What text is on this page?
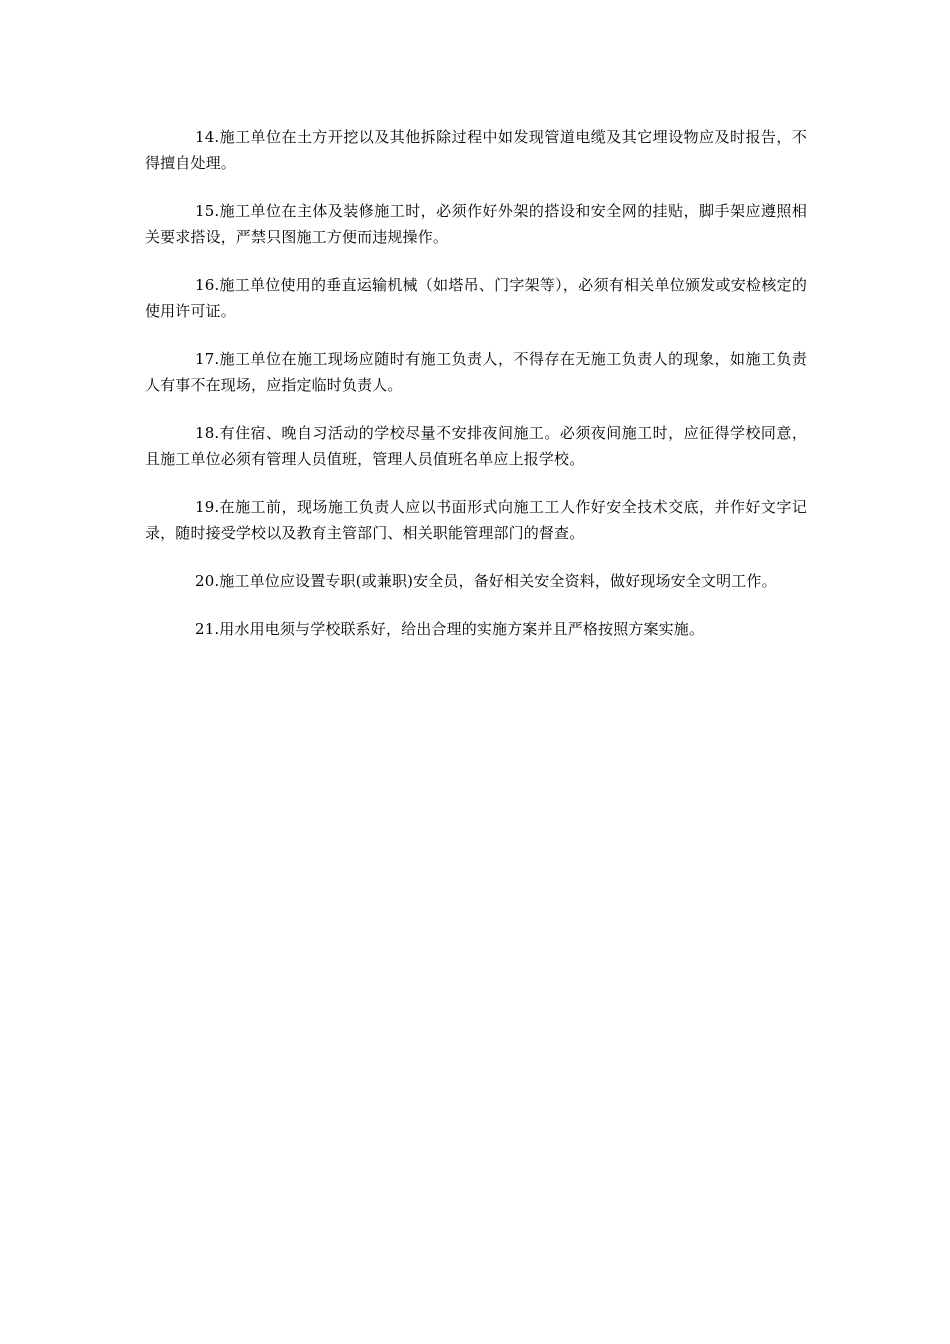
14.施工单位在土方开挖以及其他拆除过程中如发现管道电缆及其它埋设物应及时报告，不得擅自处理。

15.施工单位在主体及装修施工时，必须作好外架的搭设和安全网的挂贴，脚手架应遵照相关要求搭设，严禁只图施工方便而违规操作。

16.施工单位使用的垂直运输机械（如塔吊、门字架等），必须有相关单位颁发或安检核定的使用许可证。

17.施工单位在施工现场应随时有施工负责人，不得存在无施工负责人的现象，如施工负责人有事不在现场，应指定临时负责人。

18.有住宿、晚自习活动的学校尽量不安排夜间施工。必须夜间施工时，应征得学校同意，且施工单位必须有管理人员值班，管理人员值班名单应上报学校。

19.在施工前，现场施工负责人应以书面形式向施工工人作好安全技术交底，并作好文字记录，随时接受学校以及教育主管部门、相关职能管理部门的督查。

20.施工单位应设置专职(或兼职)安全员，备好相关安全资料，做好现场安全文明工作。

21.用水用电须与学校联系好，给出合理的实施方案并且严格按照方案实施。
